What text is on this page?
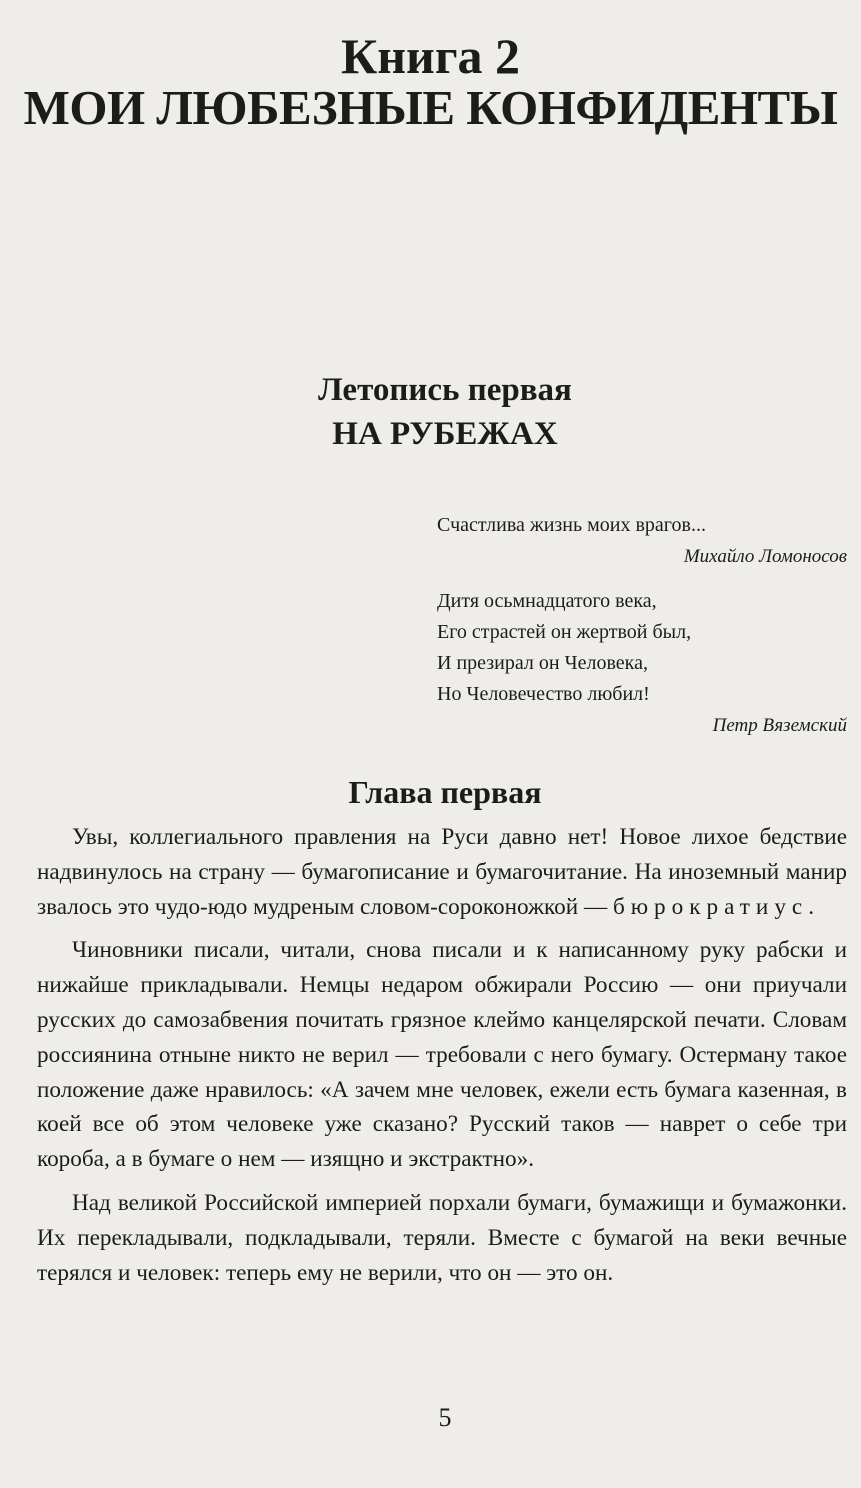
Книга 2
МОИ ЛЮБЕЗНЫЕ КОНФИДЕНТЫ
Летопись первая
НА РУБЕЖАХ
Счастлива жизнь моих врагов...
Михайло Ломоносов
Дитя осьмнадцатого века,
Его страстей он жертвой был,
И презирал он Человека,
Но Человечество любил!
Петр Вяземский
Глава первая

Увы, коллегиального правления на Руси давно нет! Новое лихое бедствие надвинулось на страну — бумагописание и бумагочитание. На иноземный манир звалось это чудо-юдо мудреным словом-сороконожкой — бюрократиус.

Чиновники писали, читали, снова писали и к написанному руку рабски и нижайше прикладывали. Немцы недаром обжирали Россию — они приучали русских до самозабвения почитать грязное клеймо канцелярской печати. Словам россиянина отныне никто не верил — требовали с него бумагу. Остерману такое положение даже нравилось: «А зачем мне человек, ежели есть бумага казенная, в коей все об этом человеке уже сказано? Русский таков — наврет о себе три короба, а в бумаге о нем — изящно и экстрактно».

Над великой Российской империей порхали бумаги, бумажищи и бумажонки. Их перекладывали, подкладывали, теряли. Вместе с бумагой на веки вечные терялся и человек: теперь ему не верили, что он — это он.

5
